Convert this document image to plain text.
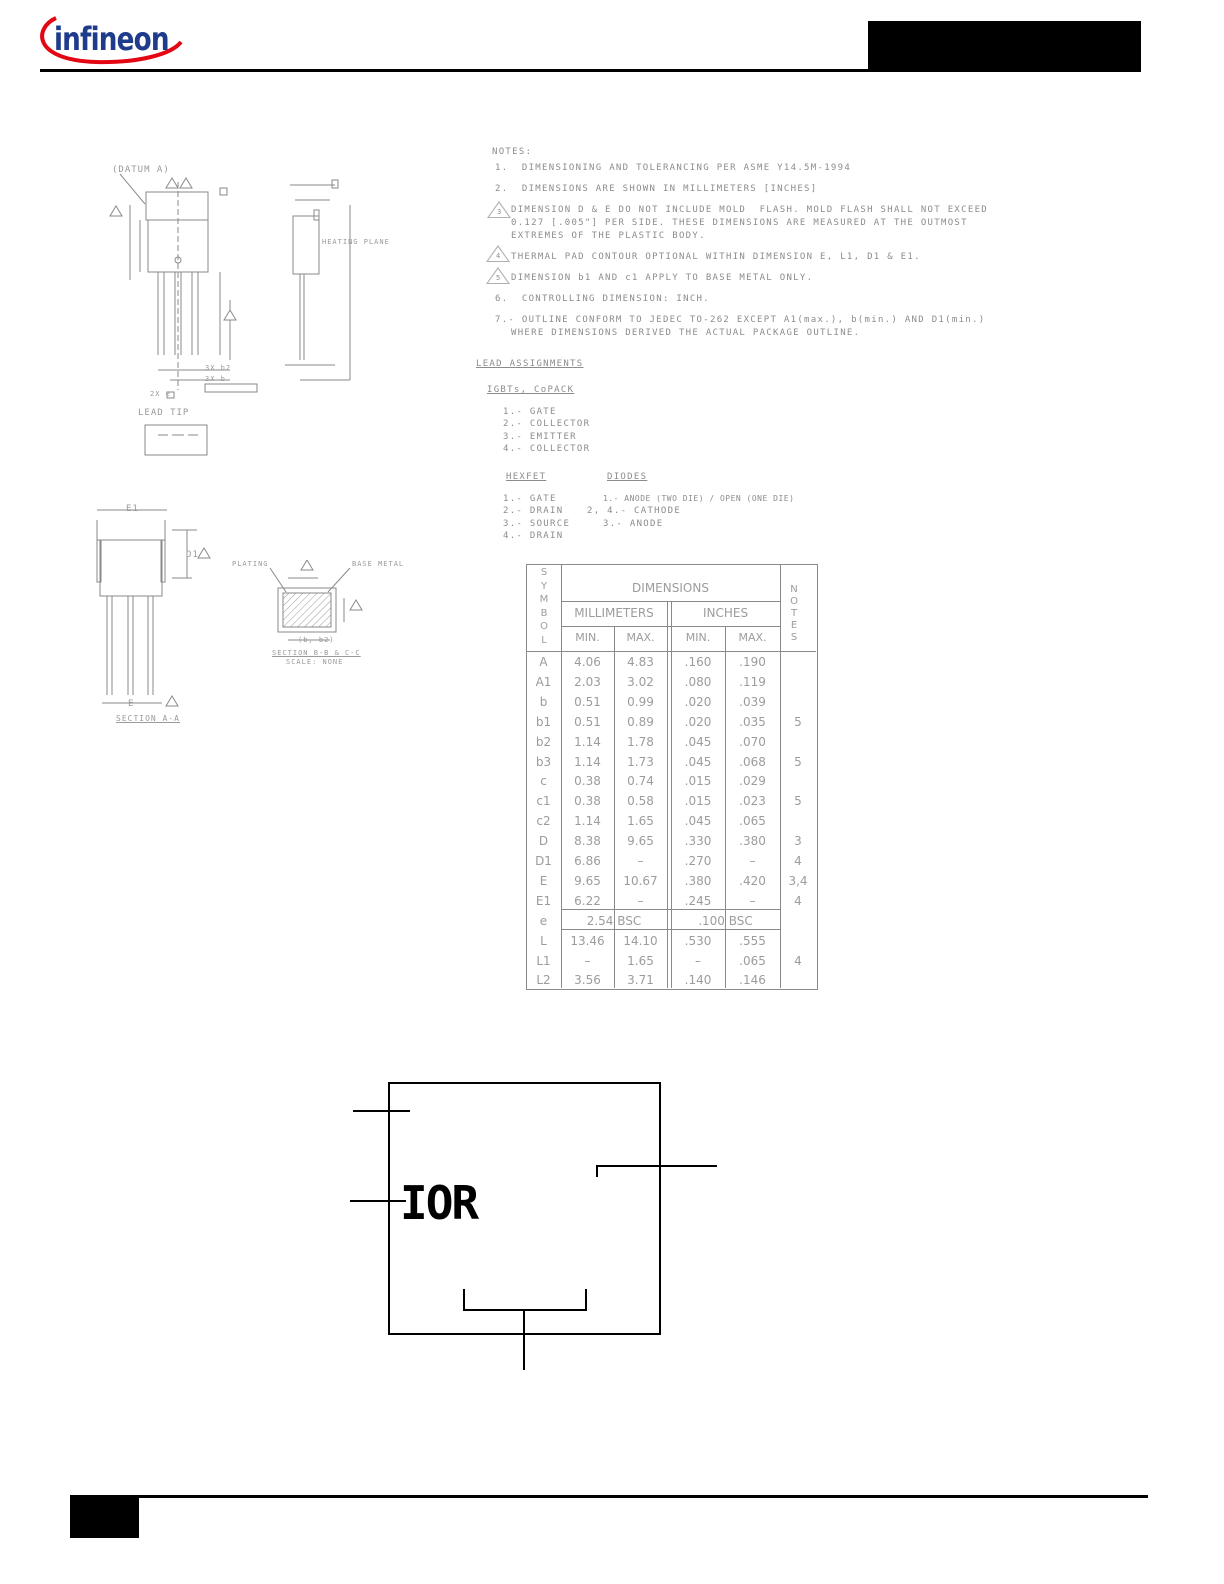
infineon
(DATUM A)
LEAD TIP
HEATING PLANE
2X e
3X b2
3X b
E1
D1
E
SECTION A-A
PLATING	BASE METAL
(b, b2)
SECTION B-B & C-C
SCALE: NONE
NOTES:
1.  DIMENSIONING AND TOLERANCING PER ASME Y14.5M-1994
2.  DIMENSIONS ARE SHOWN IN MILLIMETERS [INCHES]
3 DIMENSION D & E DO NOT INCLUDE MOLD  FLASH. MOLD FLASH SHALL NOT EXCEED
0.127 [.005"] PER SIDE. THESE DIMENSIONS ARE MEASURED AT THE OUTMOST
EXTREMES OF THE PLASTIC BODY.
4 THERMAL PAD CONTOUR OPTIONAL WITHIN DIMENSION E, L1, D1 & E1.
5 DIMENSION b1 AND c1 APPLY TO BASE METAL ONLY.
6.  CONTROLLING DIMENSION: INCH.
7.- OUTLINE CONFORM TO JEDEC TO-262 EXCEPT A1(max.), b(min.) AND D1(min.)
WHERE DIMENSIONS DERIVED THE ACTUAL PACKAGE OUTLINE.
LEAD ASSIGNMENTS
IGBTs, CoPACK
1.- GATE
2.- COLLECTOR
3.- EMITTER
4.- COLLECTOR
HEXFET	DIODES
1.- GATE
2.- DRAIN
3.- SOURCE
4.- DRAIN
1.- ANODE (TWO DIE) / OPEN (ONE DIE)
2, 4.- CATHODE
3.- ANODE
S
Y
M
B
O
L
N
O
T
E
S
DIMENSIONS
MILLIMETERS	INCHES
MIN.	MAX.	MIN.	MAX.
A	4.06	4.83	.160	.190
A1	2.03	3.02	.080	.119
b	0.51	0.99	.020	.039
b1	0.51	0.89	.020	.035	5
b2	1.14	1.78	.045	.070
b3	1.14	1.73	.045	.068	5
c	0.38	0.74	.015	.029
c1	0.38	0.58	.015	.023	5
c2	1.14	1.65	.045	.065
D	8.38	9.65	.330	.380	3
D1	6.86	–	.270	–	4
E	9.65	10.67	.380	.420	3,4
E1	6.22	–	.245	–	4
e	2.54 BSC	.100 BSC
L	13.46	14.10	.530	.555
L1	–	1.65	–	.065	4
L2	3.56	3.71	.140	.146
IOR
